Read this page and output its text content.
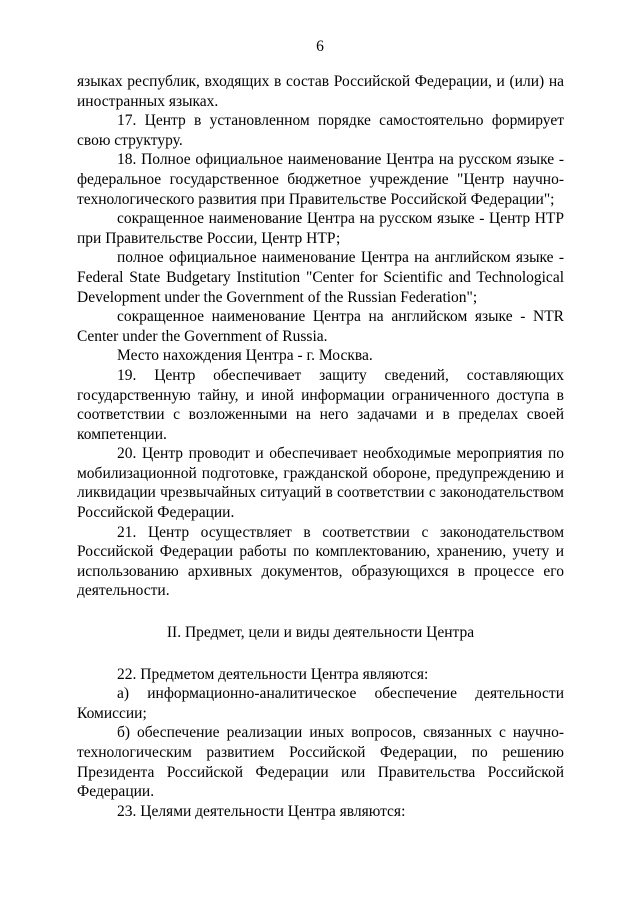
6

языках республик, входящих в состав Российской Федерации, и (или) на иностранных языках.

17. Центр в установленном порядке самостоятельно формирует свою структуру.

18. Полное официальное наименование Центра на русском языке - федеральное государственное бюджетное учреждение "Центр научно-технологического развития при Правительстве Российской Федерации";

сокращенное наименование Центра на русском языке - Центр НТР при Правительстве России, Центр НТР;

полное официальное наименование Центра на английском языке - Federal State Budgetary Institution "Center for Scientific and Technological Development under the Government of the Russian Federation";

сокращенное наименование Центра на английском языке - NTR Center under the Government of Russia.

Место нахождения Центра - г. Москва.

19. Центр обеспечивает защиту сведений, составляющих государственную тайну, и иной информации ограниченного доступа в соответствии с возложенными на него задачами и в пределах своей компетенции.

20. Центр проводит и обеспечивает необходимые мероприятия по мобилизационной подготовке, гражданской обороне, предупреждению и ликвидации чрезвычайных ситуаций в соответствии с законодательством Российской Федерации.

21. Центр осуществляет в соответствии с законодательством Российской Федерации работы по комплектованию, хранению, учету и использованию архивных документов, образующихся в процессе его деятельности.

II. Предмет, цели и виды деятельности Центра

22. Предметом деятельности Центра являются:

а) информационно-аналитическое обеспечение деятельности Комиссии;

б) обеспечение реализации иных вопросов, связанных с научно-технологическим развитием Российской Федерации, по решению Президента Российской Федерации или Правительства Российской Федерации.

23. Целями деятельности Центра являются:
